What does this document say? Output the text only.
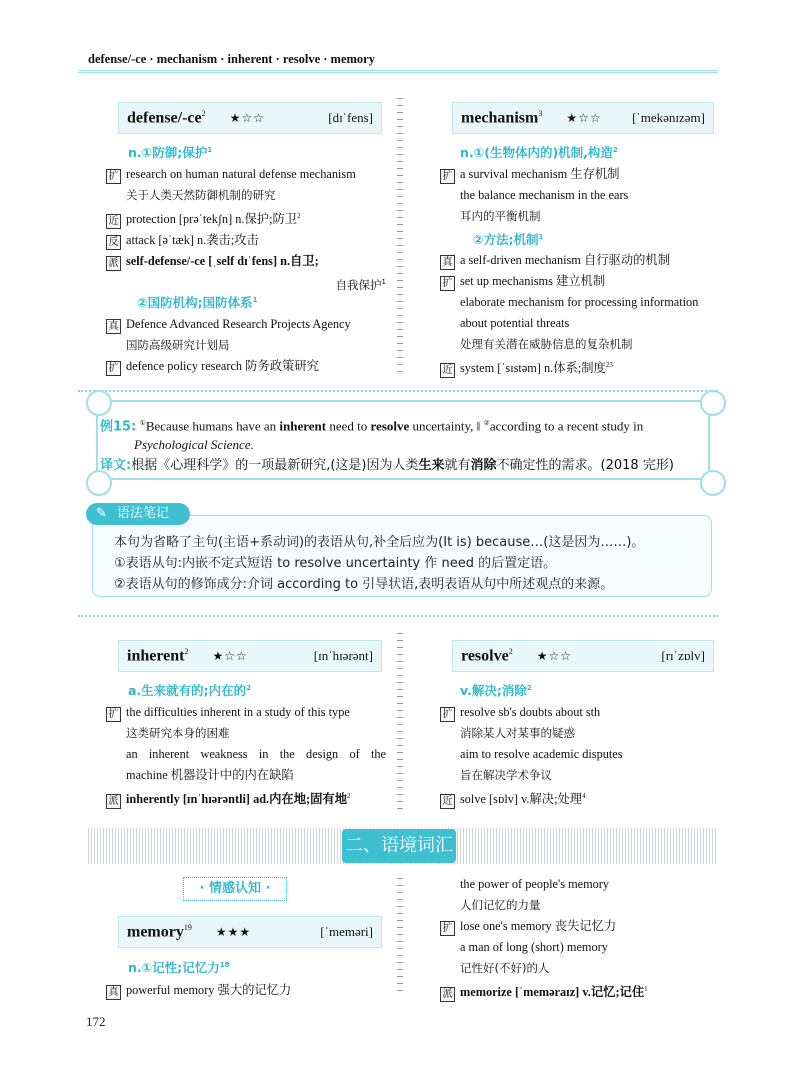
defense/-ce · mechanism · inherent · resolve · memory
defense/$-ce^2$ ★☆☆	[dɪˈfens]
n.①防御;保护$^1$
扩 research on human natural defense mechanism
关于人类天然防御机制的研究
近 protection [prəˈtekʃn] n.保护;防卫$^2$
反 attack [əˈtæk] n.袭击;攻击
派 self-defense/-ce [ˌself dɪˈfens] n.自卫;
自我保护$^1$
②国防机构;国防体系$^1$
真 Defence Advanced Research Projects Agency
国防高级研究计划局
扩 defence policy research 防务政策研究
mechanism$^3$ ★☆☆ [ˈmekənɪzəm]
n.①(生物体内的)机制,构造$^2$
扩 a survival mechanism 生存机制
the balance mechanism in the ears
耳内的平衡机制
②方法;机制$^1$
真 a self-driven mechanism 自行驱动的机制
扩 set up mechanisms 建立机制
elaborate mechanism for processing information
about potential threats
处理有关潜在威胁信息的复杂机制
近 system [ˈsɪstəm] n.体系;制度$^{23}$
例15: ①Because humans have an inherent need to resolve uncertainty, ‖ ②according to a recent study in
Psychological Science.
译文:根据《心理科学》的一项最新研究,(这是)因为人类生来就有消除不确定性的需求。(2018 完形)
✎ 语法笔记
本句为省略了主句(主语+系动词)的表语从句,补全后应为(It is) because…(这是因为……)。
①表语从句:内嵌不定式短语 to resolve uncertainty 作 need 的后置定语。
②表语从句的修饰成分:介词 according to 引导状语,表明表语从句中所述观点的来源。
inherent$^2$ ★☆☆	[ɪnˈhɪərənt]
a.生来就有的;内在的$^2$
扩 the difficulties inherent in a study of this type
这类研究本身的困难
an inherent weakness in the design of the
machine 机器设计中的内在缺陷
派 inherently [ɪnˈhɪərəntli] ad.内在地;固有地$^2$
resolve$^2$ ★☆☆	[rɪˈzɒlv]
v.解决;消除$^2$
扩 resolve sb's doubts about sth
消除某人对某事的疑惑
aim to resolve academic disputes
旨在解决学术争议
近 solve [sɒlv] v.解决;处理$^4$
二、语境词汇
· 情感认知 ·
memory$^{19}$ ★★★	[ˈmeməri]
n.①记性;记忆力$^{18}$
真 powerful memory 强大的记忆力
the power of people's memory
人们记忆的力量
扩 lose one's memory 丧失记忆力
a man of long (short) memory
记性好(不好)的人
派 memorize [ˈmeməraɪz] v.记忆;记住$^1$
172
